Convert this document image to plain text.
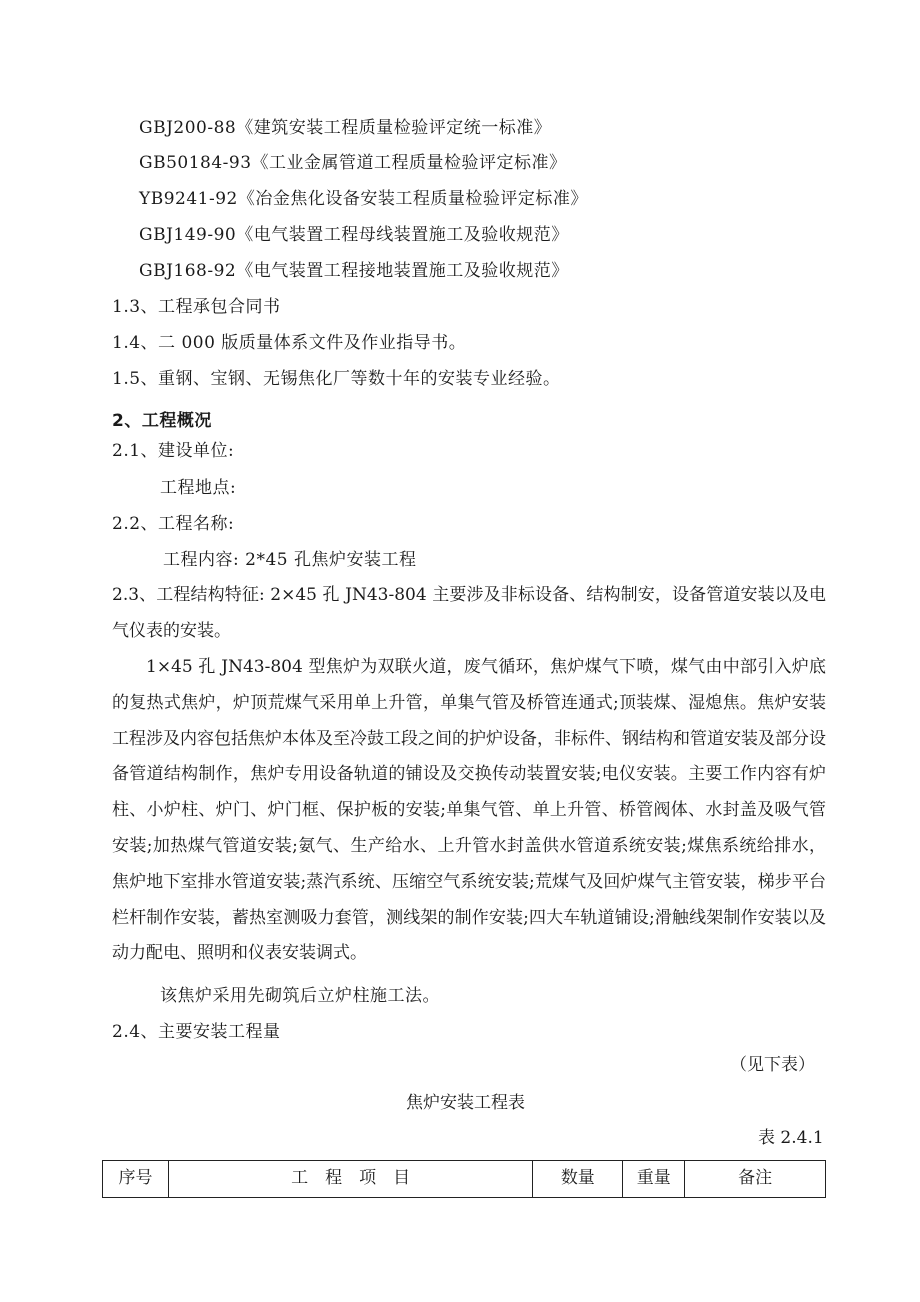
GBJ200-88《建筑安装工程质量检验评定统一标准》
GB50184-93《工业金属管道工程质量检验评定标准》
YB9241-92《冶金焦化设备安装工程质量检验评定标准》
GBJ149-90《电气装置工程母线装置施工及验收规范》
GBJ168-92《电气装置工程接地装置施工及验收规范》
1.3、工程承包合同书
1.4、二 000 版质量体系文件及作业指导书。
1.5、重钢、宝钢、无锡焦化厂等数十年的安装专业经验。
2、工程概况
2.1、建设单位:
工程地点:
2.2、工程名称:
工程内容: 2*45 孔焦炉安装工程
2.3、工程结构特征: 2×45 孔 JN43-804 主要涉及非标设备、结构制安，设备管道安装以及电气仪表的安装。
1×45 孔 JN43-804 型焦炉为双联火道，废气循环，焦炉煤气下喷，煤气由中部引入炉底的复热式焦炉，炉顶荒煤气采用单上升管，单集气管及桥管连通式;顶装煤、湿熄焦。焦炉安装工程涉及内容包括焦炉本体及至冷鼓工段之间的护炉设备，非标件、钢结构和管道安装及部分设备管道结构制作，焦炉专用设备轨道的铺设及交换传动装置安装;电仪安装。主要工作内容有炉柱、小炉柱、炉门、炉门框、保护板的安装;单集气管、单上升管、桥管阀体、水封盖及吸气管安装;加热煤气管道安装;氨气、生产给水、上升管水封盖供水管道系统安装;煤焦系统给排水，焦炉地下室排水管道安装;蒸汽系统、压缩空气系统安装;荒煤气及回炉煤气主管安装，梯步平台栏杆制作安装，蓄热室测吸力套管，测线架的制作安装;四大车轨道铺设;滑触线架制作安装以及动力配电、照明和仪表安装调式。
该焦炉采用先砌筑后立炉柱施工法。
2.4、主要安装工程量
（见下表）
焦炉安装工程表
表 2.4.1
序号	工　程　项　目	数量	重量	备注
